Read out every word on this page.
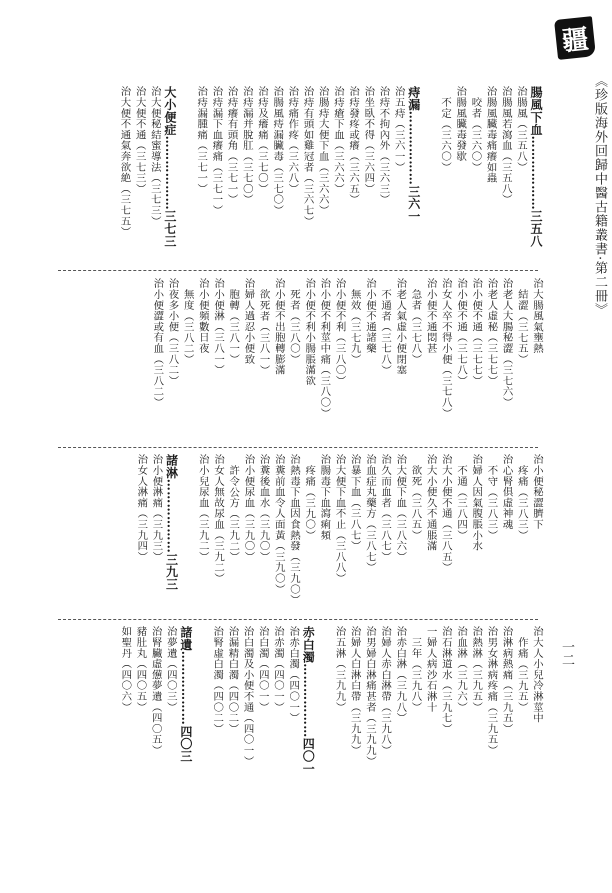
疆
《珍版海外回歸中醫古籍叢書·第二冊》
一二
腸風下血………………三五八
治腸風（三五八）
治腸風若瀉血（三五八）
治腸風臟毒痛癢如蟲
咬者（三六〇）
治腸風臟毒發歇
不定（三六〇）
痔漏………………三六一
治五痔（三六一）
治痔不拘內外（三六三）
治坐臥不得（三六四）
治痔發疼或癢（三六五）
治痔瘡下血（三六六）
治腸痔大便下血（三六六）
治痔有頭如雞冠者（三六七）
治痔痛作疼（三六八）
治腸風痔漏臟毒（三七〇）
治痔及癢痛（三七〇）
治痔漏并脫肛（三七〇）
治痔癢有頭角（三七一）
治痔漏下血癢痛（三七一）
治痔漏腫痛（三七一）
大小便症………………三七三
治大便秘結蜜導法（三七三）
治大便不通（三七三）
治大便不通氣奔欲絶（三七五）
治大腸風氣壅熱
結澀（三七五）
治老人大腸秘澀（三七六）
治老人虛秘（三七七）
治小便不通（三七七）
治小便不通（三七八）
治女人卒不得小便（三七八）
治小便不通悶甚
急者（三七八）
治老人氣虛小便閉塞
不通者（三七八）
治小便不通諸藥
無效（三七九）
治小便不利（三八〇）
治小便不利莖中痛（三八〇）
治小便不利小腸脹滿欲
死者（三八〇）
治小便不出胞轉膨滿
欲死者（三八一）
治婦人過忍小便致
胞轉（三八一）
治小便淋（三八一）
治小便頻數日夜
無度（三八二）
治夜多小便（三八二）
治小便澀或有血（三八二）
治小便秘澀臍下
疼痛（三八三）
治心腎俱虛神魂
不守（三八三）
治婦人因氣腹脹小水
不通（三八四）
治大小便不通（三八五）
治大小便久不通脹滿
欲死（三八五）
治大便下血（三八六）
治久而血者（三八七）
治血症丸藥方（三八七）
治暴下血（三八七）
治大便下血不止（三八八）
治腸毒下血瀉痢頻
疼痛（三九〇）
治熱毒下血因食熱發（三九〇）
治糞前血令人面黃（三九〇）
治糞後血水（三九〇）
治小便尿血（三九〇）
許令公方（三九二）
治女人無故尿血（三九二）
治小兒尿血（三九二）
諸淋………………三九三
治小便淋痛（三九三）
治女人淋痛（三九四）
治大人小兒冷淋莖中
作痛（三九五）
治淋病熱痛（三九五）
治男女淋病疼痛（三九五）
治熱淋（三九五）
治血淋（三九六）
治石淋道水（三九七）
一婦人病沙石淋十
三年（三九八）
治赤白淋（三九八）
治婦人赤白淋帶（三九八）
治男婦白淋痛甚者（三九九）
治婦人白淋白帶（三九九）
治五淋（三九九）
赤白濁………………四〇一
治赤白濁（四〇一）
治赤濁（四〇一）
治白濁（四〇一）
治白濁及小便不通（四〇一）
治漏精白濁（四〇二）
治腎虛白濁（四〇二）
諸遺………………四〇三
治夢遺（四〇三）
治腎臟虛憊夢遺（四〇五）
豬肚丸（四〇五）
如聖丹（四〇六）
